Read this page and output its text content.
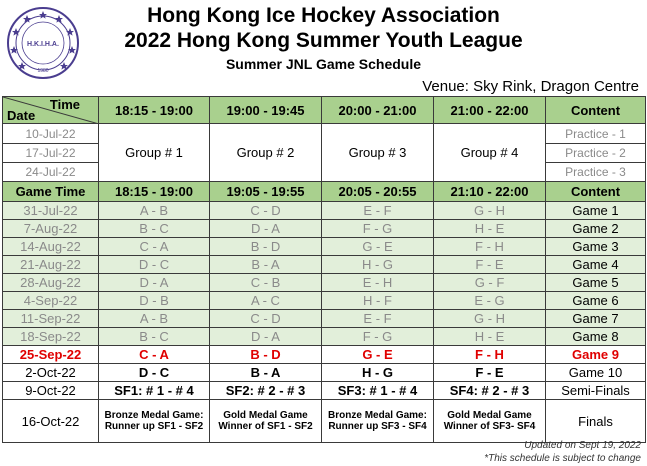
H.K.I.H.A.
1980
Hong Kong Ice Hockey Association
2022 Hong Kong Summer Youth League
Summer JNL Game Schedule
Venue: Sky Rink, Dragon Centre
Time
Date	18:15 - 19:00	19:00 - 19:45	20:00 - 21:00	21:00 - 22:00	Content
10-Jul-22	Group # 1	Group # 2	Group # 3	Group # 4	Practice - 1
17-Jul-22					Practice - 2
24-Jul-22					Practice - 3
Game Time	18:15 - 19:00	19:05 - 19:55	20:05 - 20:55	21:10 - 22:00	Content
31-Jul-22	A - B	C - D	E - F	G - H	Game 1
7-Aug-22	B - C	D - A	F - G	H - E	Game 2
14-Aug-22	C - A	B - D	G - E	F - H	Game 3
21-Aug-22	D - C	B - A	H - G	F - E	Game 4
28-Aug-22	D - A	C - B	E - H	G - F	Game 5
4-Sep-22	D - B	A - C	H - F	E - G	Game 6
11-Sep-22	A - B	C - D	E - F	G - H	Game 7
18-Sep-22	B - C	D - A	F - G	H - E	Game 8
25-Sep-22	C - A	B - D	G - E	F - H	Game 9
2-Oct-22	D - C	B - A	H - G	F - E	Game 10
9-Oct-22	SF1: # 1 - # 4	SF2: # 2 - # 3	SF3: # 1 - # 4	SF4: # 2 - # 3	Semi-Finals
16-Oct-22	Bronze Medal Game: Runner up SF1 - SF2	Gold Medal Game Winner of SF1 - SF2	Bronze Medal Game: Runner up SF3 - SF4	Gold Medal Game Winner of SF3- SF4	Finals
Updated on Sept 19, 2022
*This schedule is subject to change
